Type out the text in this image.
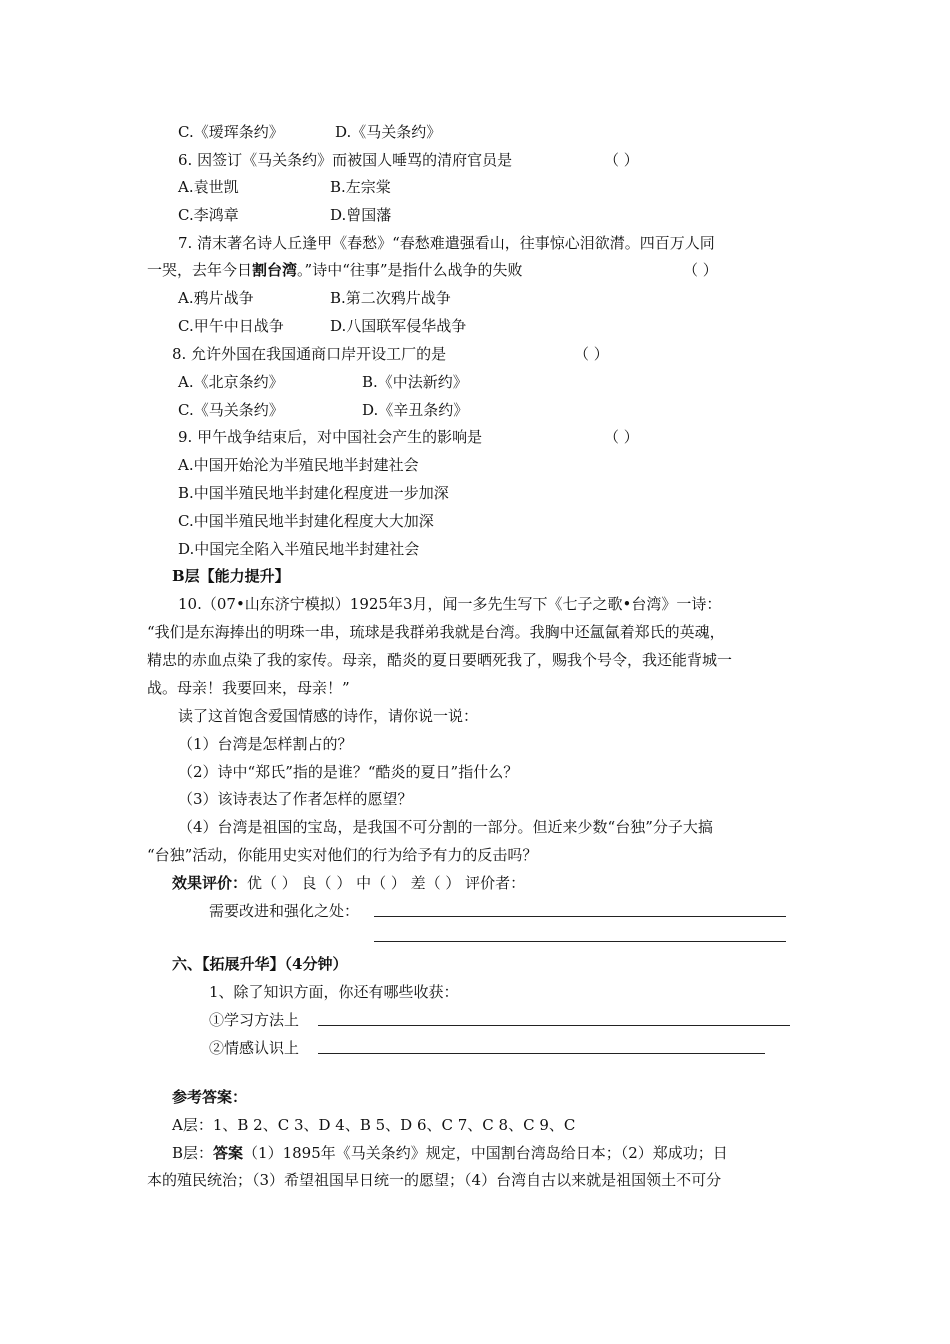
C.《瑷珲条约》	D.《马关条约》
6. 因签订《马关条约》而被国人唾骂的清府官员是	（ ）
A.袁世凯	B.左宗棠
C.李鸿章	D.曾国藩
7. 清末著名诗人丘逢甲《春愁》“春愁难遣强看山，往事惊心泪欲潸。四百万人同
一哭，去年今日割台湾。”诗中“往事”是指什么战争的失败	（ ）
A.鸦片战争	B.第二次鸦片战争
C.甲午中日战争	D.八国联军侵华战争
8. 允许外国在我国通商口岸开设工厂的是	（ ）
A.《北京条约》	B.《中法新约》
C.《马关条约》	D.《辛丑条约》
9. 甲午战争结束后，对中国社会产生的影响是	（ ）
A.中国开始沦为半殖民地半封建社会
B.中国半殖民地半封建化程度进一步加深
C.中国半殖民地半封建化程度大大加深
D.中国完全陷入半殖民地半封建社会
B层【能力提升】
10.（07•山东济宁模拟）1925年3月，闻一多先生写下《七子之歌•台湾》一诗：
“我们是东海捧出的明珠一串，琉球是我群弟我就是台湾。我胸中还氲氤着郑氏的英魂，
精忠的赤血点染了我的家传。母亲，酷炎的夏日要晒死我了，赐我个号令，我还能背城一
战。母亲！我要回来，母亲！”
读了这首饱含爱国情感的诗作，请你说一说：
（1）台湾是怎样割占的？
（2）诗中“郑氏”指的是谁？“酷炎的夏日”指什么？
（3）该诗表达了作者怎样的愿望？
（4）台湾是祖国的宝岛，是我国不可分割的一部分。但近来少数“台独”分子大搞
“台独”活动，你能用史实对他们的行为给予有力的反击吗？
效果评价：优（ ） 良（ ） 中（ ） 差（ ） 评价者：
需要改进和强化之处：
六、【拓展升华】（4分钟）
1、除了知识方面，你还有哪些收获：
①学习方法上
②情感认识上
参考答案：
A层：1、B 2、C 3、D 4、B 5、D 6、C 7、C 8、C 9、C
B层：答案（1）1895年《马关条约》规定，中国割台湾岛给日本；（2）郑成功；日
本的殖民统治；（3）希望祖国早日统一的愿望；（4）台湾自古以来就是祖国领土不可分
